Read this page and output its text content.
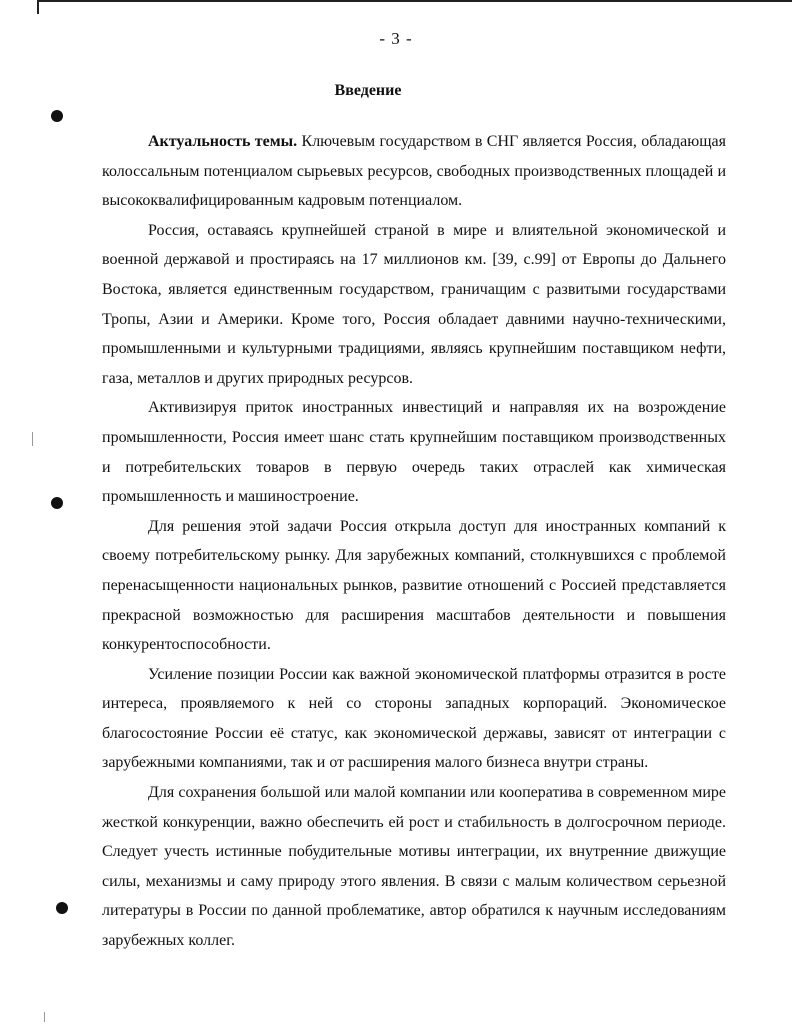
- 3 -
Введение

Актуальность темы. Ключевым государством в СНГ является Россия, обладающая колоссальным потенциалом сырьевых ресурсов, свободных производственных площадей и высококвалифицированным кадровым потенциалом.

Россия, оставаясь крупнейшей страной в мире и влиятельной экономической и военной державой и простираясь на 17 миллионов км. [39, с.99] от Европы до Дальнего Востока, является единственным государством, граничащим с развитыми государствами Тропы, Азии и Америки. Кроме того, Россия обладает давними научно-техническими, промышленными и культурными традициями, являясь крупнейшим поставщиком нефти, газа, металлов и других природных ресурсов.

Активизируя приток иностранных инвестиций и направляя их на возрождение промышленности, Россия имеет шанс стать крупнейшим поставщиком производственных и потребительских товаров в первую очередь таких отраслей как химическая промышленность и машиностроение.

Для решения этой задачи Россия открыла доступ для иностранных компаний к своему потребительскому рынку. Для зарубежных компаний, столкнувшихся с проблемой перенасыщенности национальных рынков, развитие отношений с Россией представляется прекрасной возможностью для расширения масштабов деятельности и повышения конкурентоспособности.

Усиление позиции России как важной экономической платформы отразится в росте интереса, проявляемого к ней со стороны западных корпораций. Экономическое благосостояние России её статус, как экономической державы, зависят от интеграции с зарубежными компаниями, так и от расширения малого бизнеса внутри страны.

Для сохранения большой или малой компании или кооператива в современном мире жесткой конкуренции, важно обеспечить ей рост и стабильность в долгосрочном периоде. Следует учесть истинные побудительные мотивы интеграции, их внутренние движущие силы, механизмы и саму природу этого явления. В связи с малым количеством серьезной литературы в России по данной проблематике, автор обратился к научным исследованиям зарубежных коллег.
